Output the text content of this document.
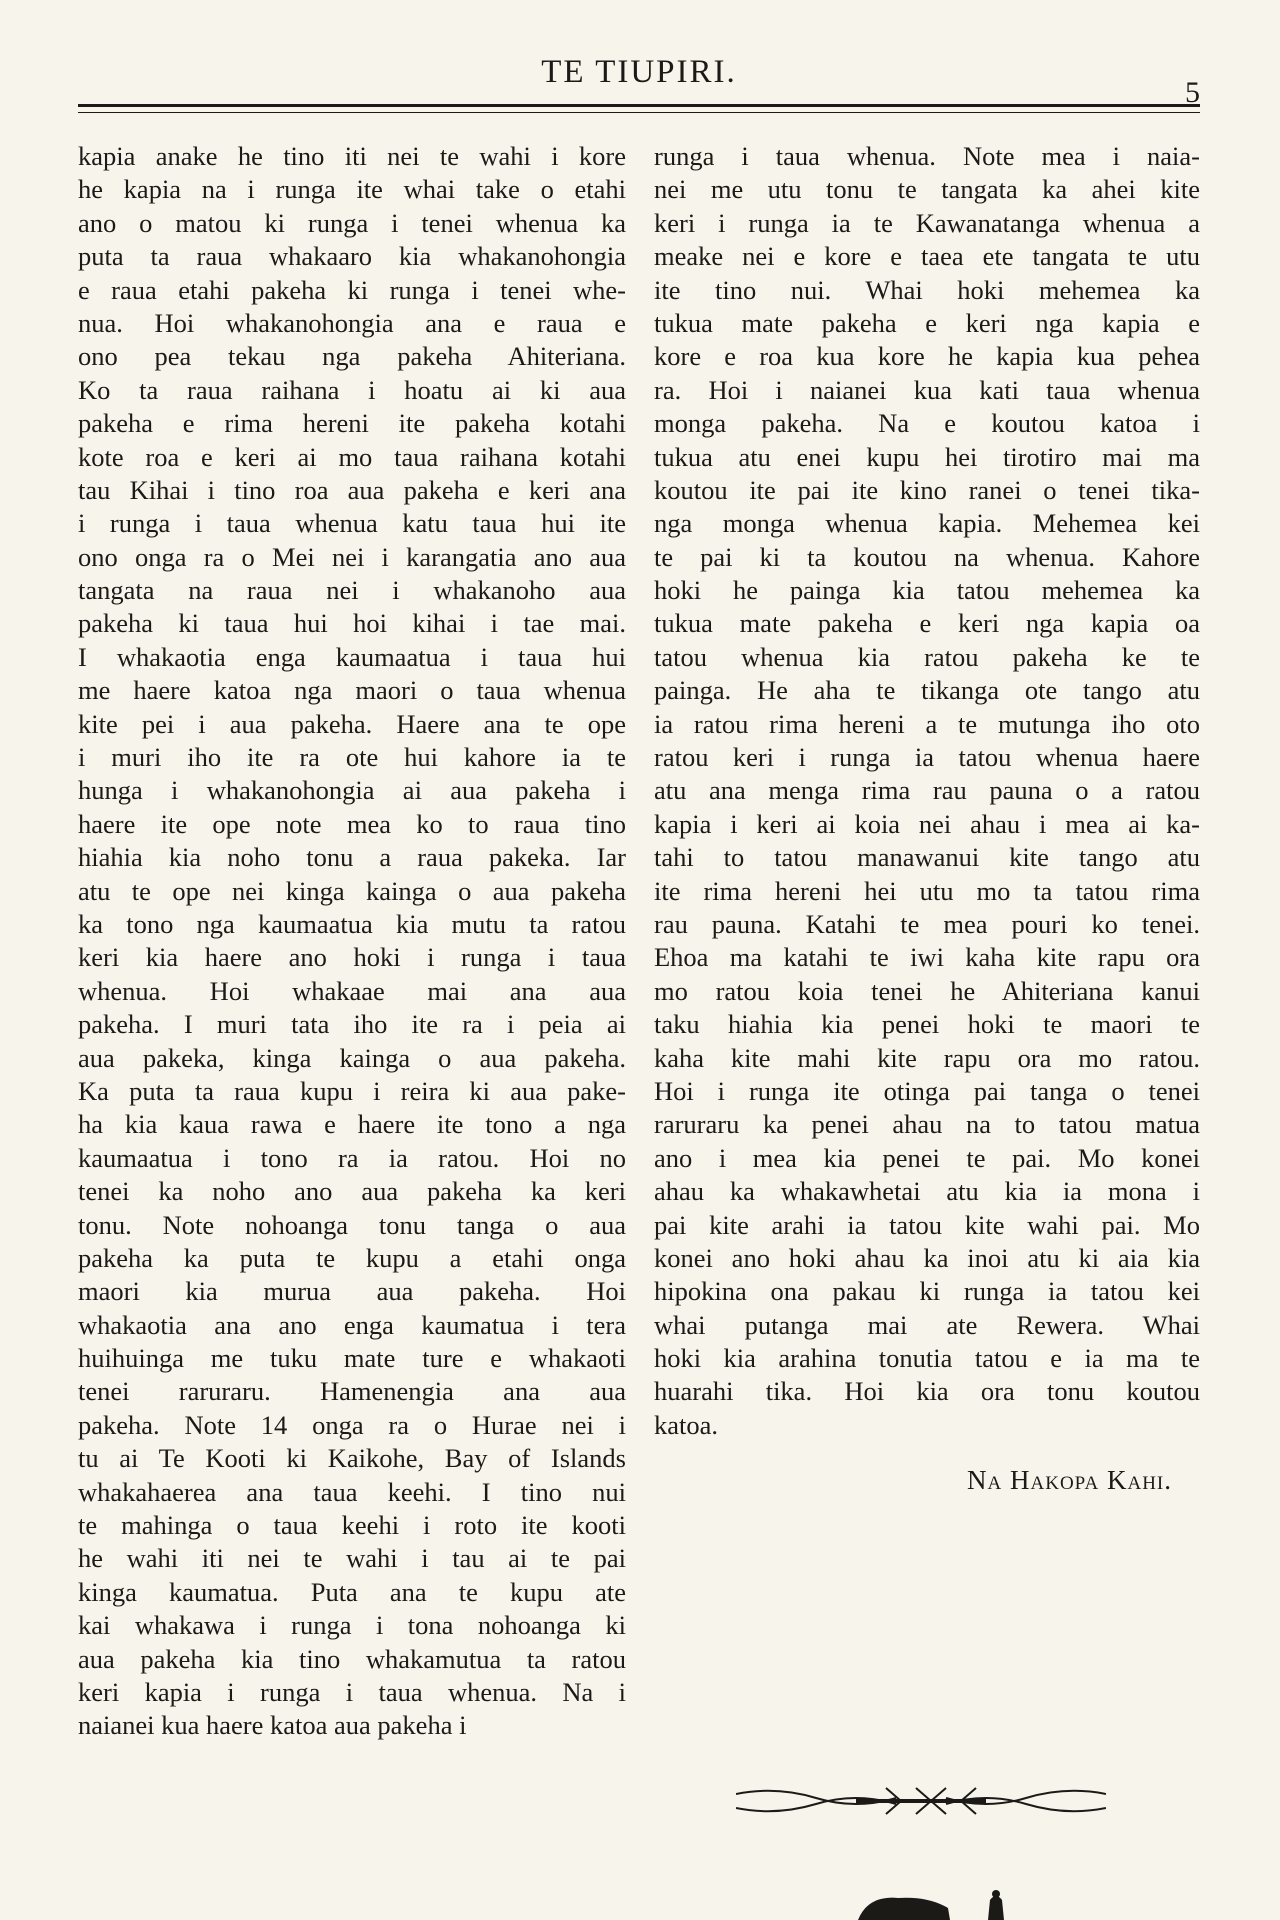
TE TIUPIRI.
5
kapia anake he tino iti nei te wahi i kore
he kapia na i runga ite whai take o etahi
ano o matou ki runga i tenei whenua ka
puta ta raua whakaaro kia whakanohongia
e raua etahi pakeha ki runga i tenei whe-
nua. Hoi whakanohongia ana e raua e
ono pea tekau nga pakeha Ahiteriana.
Ko ta raua raihana i hoatu ai ki aua
pakeha e rima hereni ite pakeha kotahi
kote roa e keri ai mo taua raihana kotahi
tau Kihai i tino roa aua pakeha e keri ana
i runga i taua whenua katu taua hui ite
ono onga ra o Mei nei i karangatia ano aua
tangata na raua nei i whakanoho aua
pakeha ki taua hui hoi kihai i tae mai.
I whakaotia enga kaumaatua i taua hui
me haere katoa nga maori o taua whenua
kite pei i aua pakeha. Haere ana te ope
i muri iho ite ra ote hui kahore ia te
hunga i whakanohongia ai aua pakeha i
haere ite ope note mea ko to raua tino
hiahia kia noho tonu a raua pakeka. Iar
atu te ope nei kinga kainga o aua pakeha
ka tono nga kaumaatua kia mutu ta ratou
keri kia haere ano hoki i runga i taua
whenua. Hoi whakaae mai ana aua
pakeha. I muri tata iho ite ra i peia ai
aua pakeka, kinga kainga o aua pakeha.
Ka puta ta raua kupu i reira ki aua pake-
ha kia kaua rawa e haere ite tono a nga
kaumaatua i tono ra ia ratou. Hoi no
tenei ka noho ano aua pakeha ka keri
tonu. Note nohoanga tonu tanga o aua
pakeha ka puta te kupu a etahi onga
maori kia murua aua pakeha. Hoi
whakaotia ana ano enga kaumatua i tera
huihuinga me tuku mate ture e whakaoti
tenei raruraru. Hamenengia ana aua
pakeha. Note 14 onga ra o Hurae nei i
tu ai Te Kooti ki Kaikohe, Bay of Islands
whakahaerea ana taua keehi. I tino nui
te mahinga o taua keehi i roto ite kooti
he wahi iti nei te wahi i tau ai te pai
kinga kaumatua. Puta ana te kupu ate
kai whakawa i runga i tona nohoanga ki
aua pakeha kia tino whakamutua ta ratou
keri kapia i runga i taua whenua. Na i
naianei kua haere katoa aua pakeha i
runga i taua whenua. Note mea i naia-
nei me utu tonu te tangata ka ahei kite
keri i runga ia te Kawanatanga whenua a
meake nei e kore e taea ete tangata te utu
ite tino nui. Whai hoki mehemea ka
tukua mate pakeha e keri nga kapia e
kore e roa kua kore he kapia kua pehea
ra. Hoi i naianei kua kati taua whenua
monga pakeha. Na e koutou katoa i
tukua atu enei kupu hei tirotiro mai ma
koutou ite pai ite kino ranei o tenei tika-
nga monga whenua kapia. Mehemea kei
te pai ki ta koutou na whenua. Kahore
hoki he painga kia tatou mehemea ka
tukua mate pakeha e keri nga kapia oa
tatou whenua kia ratou pakeha ke te
painga. He aha te tikanga ote tango atu
ia ratou rima hereni a te mutunga iho oto
ratou keri i runga ia tatou whenua haere
atu ana menga rima rau pauna o a ratou
kapia i keri ai koia nei ahau i mea ai ka-
tahi to tatou manawanui kite tango atu
ite rima hereni hei utu mo ta tatou rima
rau pauna. Katahi te mea pouri ko tenei.
Ehoa ma katahi te iwi kaha kite rapu ora
mo ratou koia tenei he Ahiteriana kanui
taku hiahia kia penei hoki te maori te
kaha kite mahi kite rapu ora mo ratou.
Hoi i runga ite otinga pai tanga o tenei
raruraru ka penei ahau na to tatou matua
ano i mea kia penei te pai. Mo konei
ahau ka whakawhetai atu kia ia mona i
pai kite arahi ia tatou kite wahi pai. Mo
konei ano hoki ahau ka inoi atu ki aia kia
hipokina ona pakau ki runga ia tatou kei
whai putanga mai ate Rewera. Whai
hoki kia arahina tonutia tatou e ia ma te
huarahi tika. Hoi kia ora tonu koutou
katoa.
Na Hakopa Kahi.
